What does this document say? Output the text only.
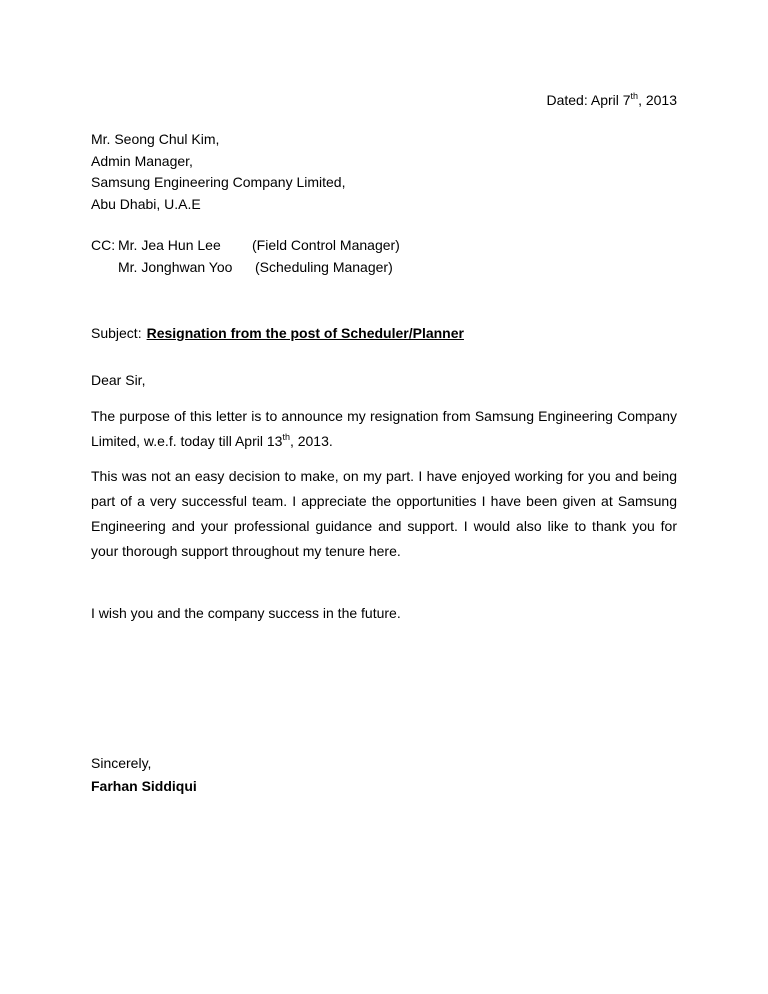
Dated: April 7th, 2013
Mr. Seong Chul Kim,
Admin Manager,
Samsung Engineering Company Limited,
Abu Dhabi, U.A.E
CC: Mr. Jea Hun Lee (Field Control Manager)
Mr. Jonghwan Yoo (Scheduling Manager)
Subject: Resignation from the post of Scheduler/Planner
Dear Sir,
The purpose of this letter is to announce my resignation from Samsung Engineering Company Limited, w.e.f. today till April 13th, 2013.
This was not an easy decision to make, on my part. I have enjoyed working for you and being part of a very successful team. I appreciate the opportunities I have been given at Samsung Engineering and your professional guidance and support. I would also like to thank you for your thorough support throughout my tenure here.
I wish you and the company success in the future.
Sincerely,
Farhan Siddiqui
